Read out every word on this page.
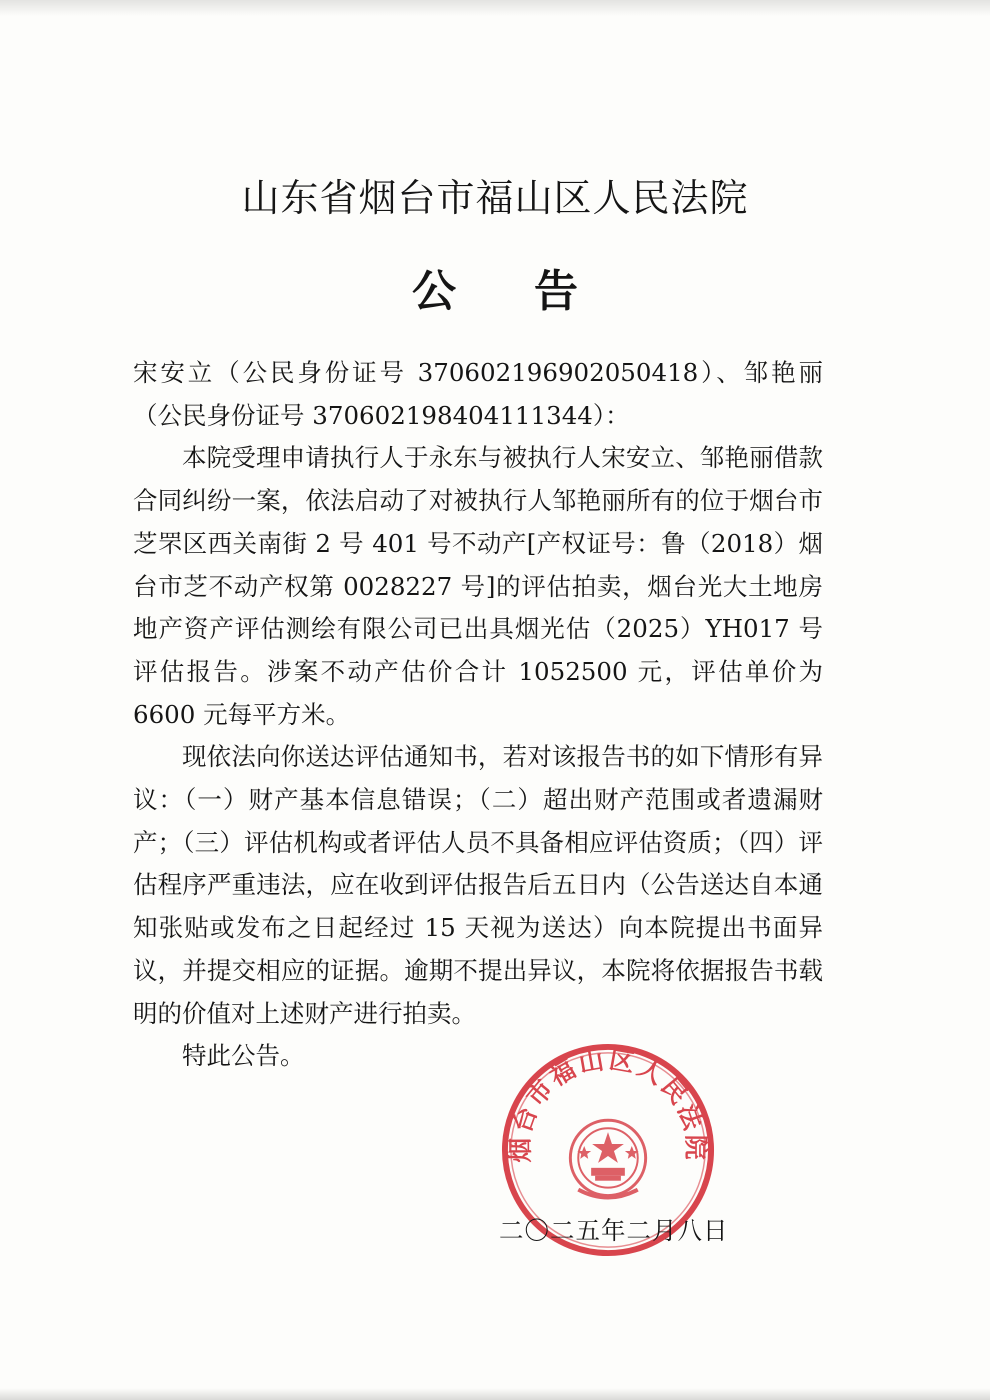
山东省烟台市福山区人民法院
公 告

宋安立（公民身份证号 370602196902050418）、邹艳丽（公民身份证号 370602198404111344）：

本院受理申请执行人于永东与被执行人宋安立、邹艳丽借款合同纠纷一案，依法启动了对被执行人邹艳丽所有的位于烟台市芝罘区西关南街 2 号 401 号不动产[产权证号：鲁（2018）烟台市芝不动产权第 0028227 号]的评估拍卖，烟台光大土地房地产资产评估测绘有限公司已出具烟光估（2025）YH017 号评估报告。涉案不动产估价合计 1052500 元，评估单价为 6600 元每平方米。

现依法向你送达评估通知书，若对该报告书的如下情形有异议：（一）财产基本信息错误；（二）超出财产范围或者遗漏财产；（三）评估机构或者评估人员不具备相应评估资质；（四）评估程序严重违法，应在收到评估报告后五日内（公告送达自本通知张贴或发布之日起经过 15 天视为送达）向本院提出书面异议，并提交相应的证据。逾期不提出异议，本院将依据报告书载明的价值对上述财产进行拍卖。

特此公告。

烟台市福山区人民法院
二〇二五年二月八日
